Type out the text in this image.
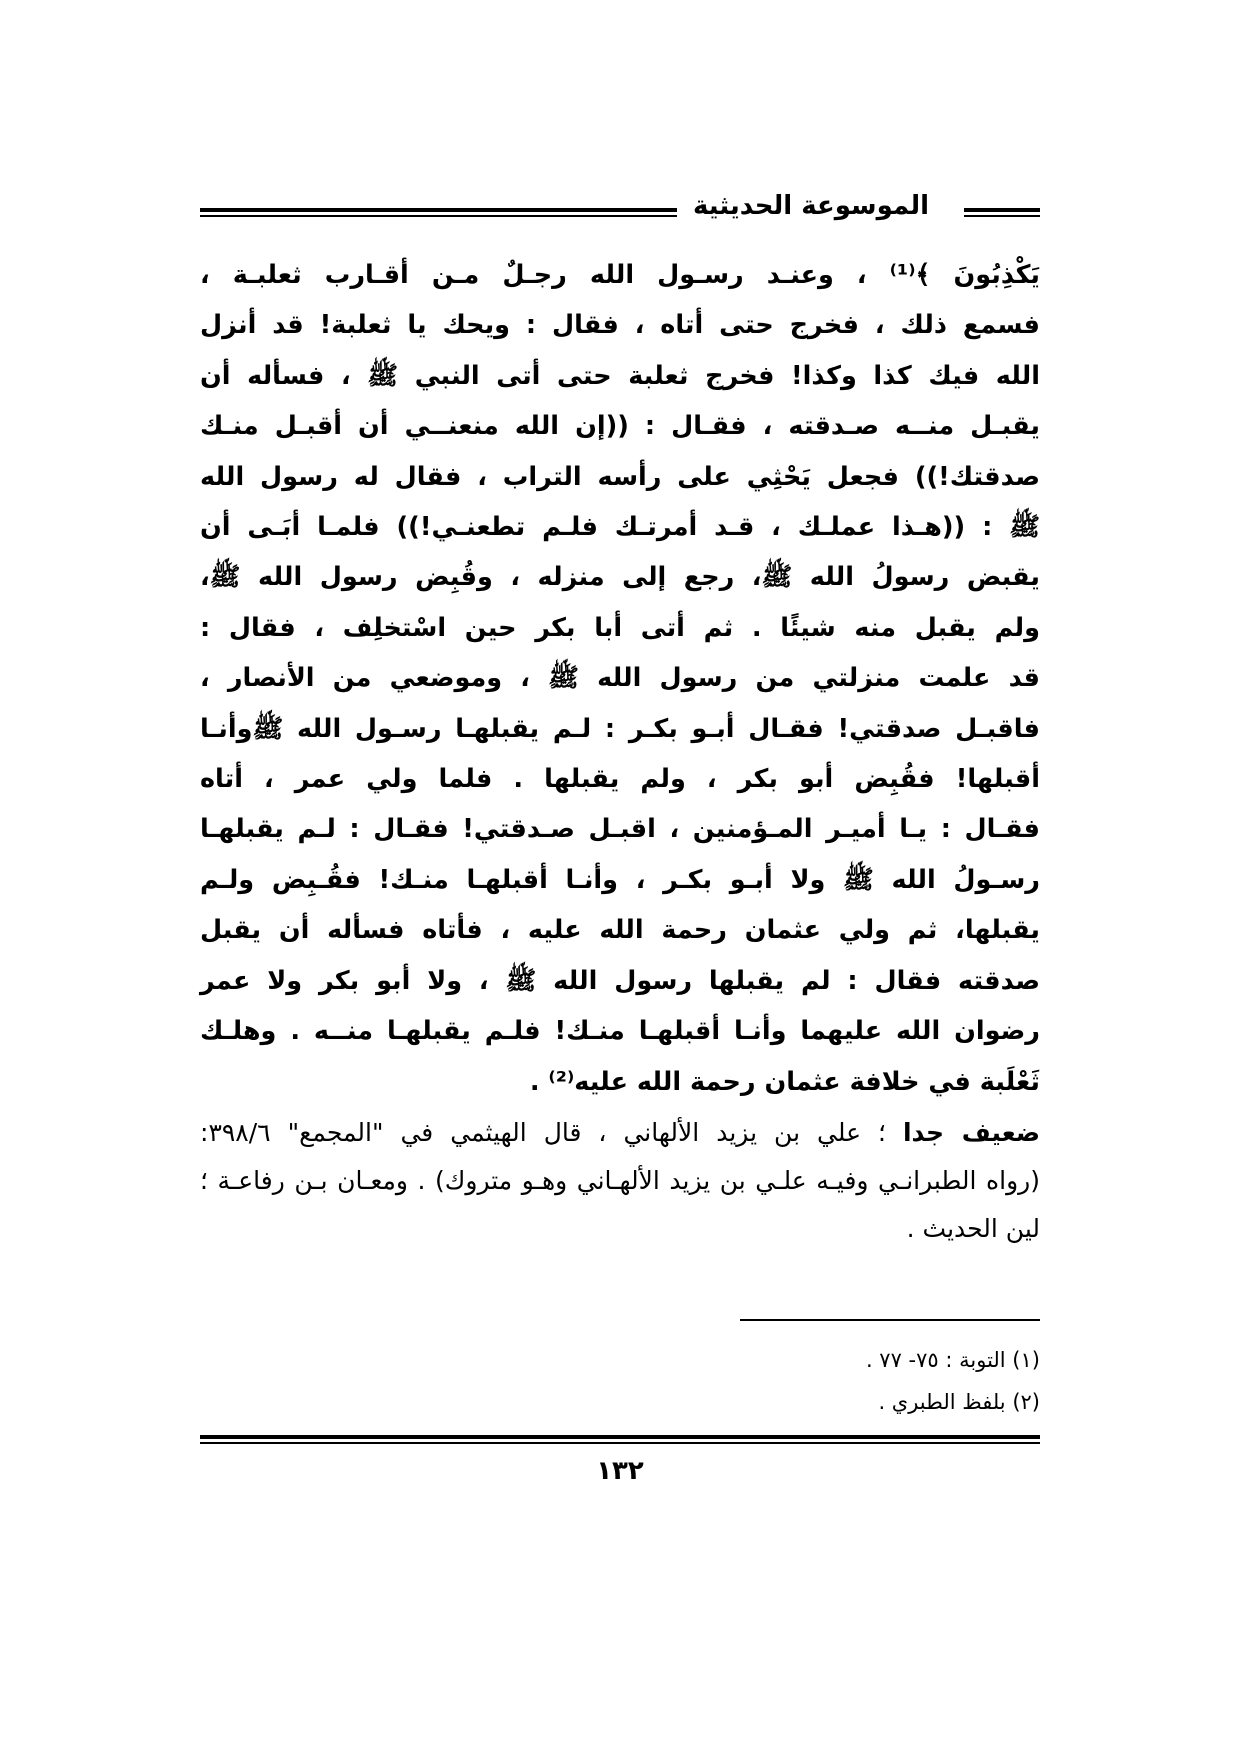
الموسوعة الحديثية
يَكْذِبُونَ ﴾⁽¹⁾ ، وعنـد رسـول الله رجـلٌ مـن أقـارب ثعلبـة ،
فسمع ذلك ، فخرج حتى أتاه ، فقال : ويحك يا ثعلبة! قد أنزل
الله فيك كذا وكذا! فخرج ثعلبة حتى أتى النبي ﷺ ، فسأله أن
يقبـل منــه صـدقته ، فقـال : ((إن الله منعنــي أن أقبـل منـك
صدقتك!)) فجعل يَحْثِي على رأسه التراب ، فقال له رسول الله
ﷺ : ((هـذا عملـك ، قـد أمرتـك فلـم تطعنـي!)) فلمـا أبَـى أن
يقبض رسولُ الله ﷺ، رجع إلى منزله ، وقُبِض رسول الله ﷺ،
ولم يقبل منه شيئًا . ثم أتى أبا بكر حين اسْتخلِف ، فقال :
قد علمت منزلتي من رسول الله ﷺ ، وموضعي من الأنصار ،
فاقبـل صدقتي! فقـال أبـو بكـر : لـم يقبلهـا رسـول الله ﷺوأنـا
أقبلها! فقُبِض أبو بكر ، ولم يقبلها . فلما ولي عمر ، أتاه
فقـال : يـا أميـر المـؤمنين ، اقبـل صـدقتي! فقـال : لـم يقبلهـا
رسـولُ الله ﷺ ولا أبـو بكـر ، وأنـا أقبلهـا منـك! فقُـبِض ولـم
يقبلها، ثم ولي عثمان رحمة الله عليه ، فأتاه فسأله أن يقبل
صدقته فقال : لم يقبلها رسول الله ﷺ ، ولا أبو بكر ولا عمر
رضوان الله عليهما وأنـا أقبلهـا منـك! فلـم يقبلهـا منــه . وهلـك
ثَعْلَبة في خلافة عثمان رحمة الله عليه⁽²⁾ .
ضعيف جدا ؛ علي بن يزيد الألهاني ، قال الهيثمي في "المجمع" ٣٩٨/٦:
(رواه الطبرانـي وفيـه علـي بن يزيد الألهـاني وهـو متروك) . ومعـان بـن رفاعـة ؛
لين الحديث .
(١) التوبة : ٧٥- ٧٧ .
(٢) بلفظ الطبري .
١٣٢
